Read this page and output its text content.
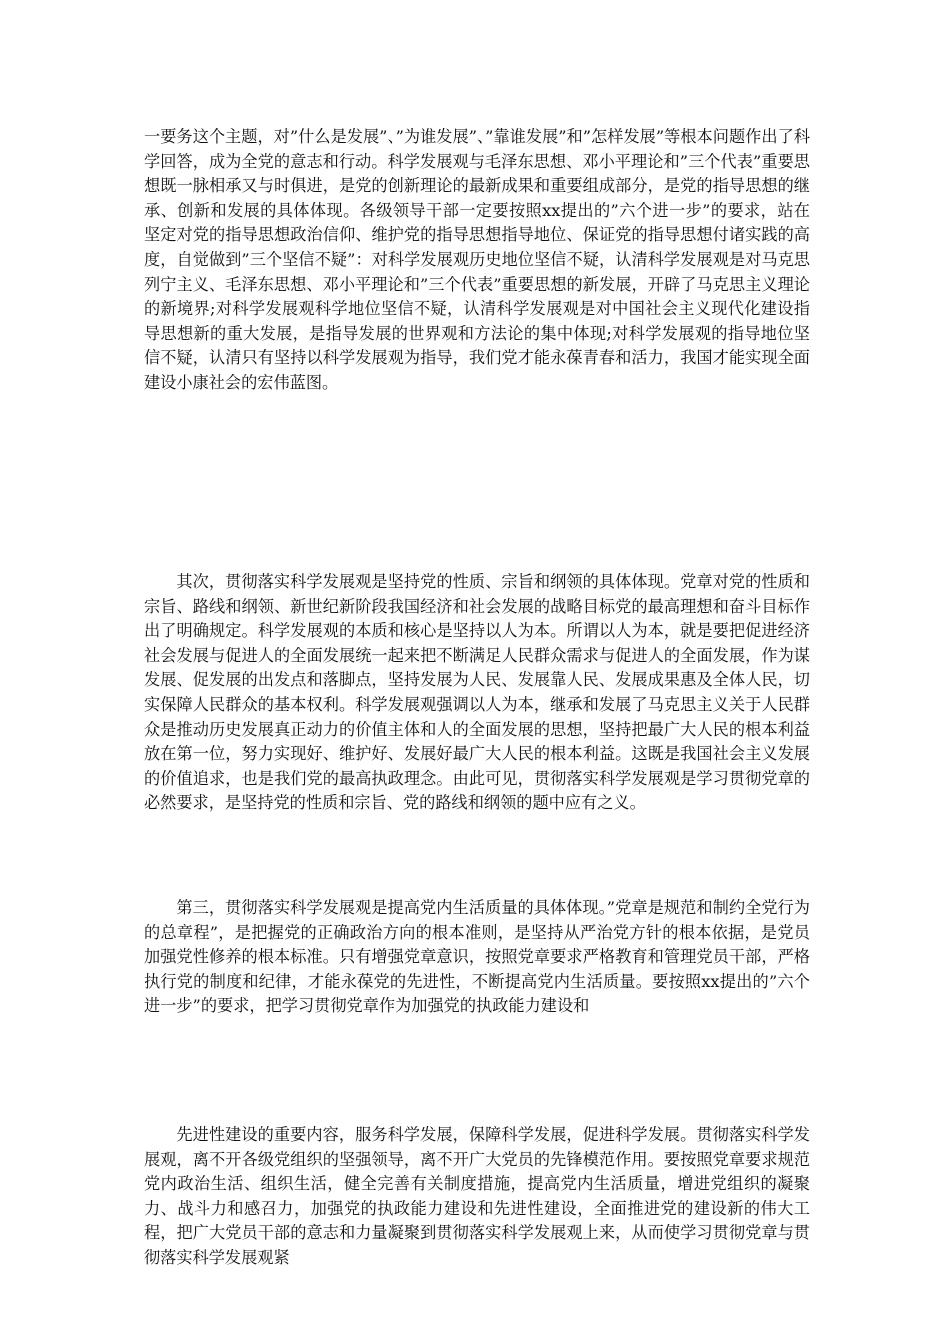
一要务这个主题，对”什么是发展”、”为谁发展”、”靠谁发展”和”怎样发展”等根本问题作出了科学回答，成为全党的意志和行动。科学发展观与毛泽东思想、邓小平理论和”三个代表”重要思想既一脉相承又与时俱进，是党的创新理论的最新成果和重要组成部分，是党的指导思想的继承、创新和发展的具体体现。各级领导干部一定要按照xx提出的”六个进一步”的要求，站在坚定对党的指导思想政治信仰、维护党的指导思想指导地位、保证党的指导思想付诸实践的高度，自觉做到”三个坚信不疑”：对科学发展观历史地位坚信不疑，认清科学发展观是对马克思列宁主义、毛泽东思想、邓小平理论和”三个代表”重要思想的新发展，开辟了马克思主义理论的新境界;对科学发展观科学地位坚信不疑，认清科学发展观是对中国社会主义现代化建设指导思想新的重大发展，是指导发展的世界观和方法论的集中体现;对科学发展观的指导地位坚信不疑，认清只有坚持以科学发展观为指导，我们党才能永葆青春和活力，我国才能实现全面建设小康社会的宏伟蓝图。

其次，贯彻落实科学发展观是坚持党的性质、宗旨和纲领的具体体现。党章对党的性质和宗旨、路线和纲领、新世纪新阶段我国经济和社会发展的战略目标党的最高理想和奋斗目标作出了明确规定。科学发展观的本质和核心是坚持以人为本。所谓以人为本，就是要把促进经济社会发展与促进人的全面发展统一起来把不断满足人民群众需求与促进人的全面发展，作为谋发展、促发展的出发点和落脚点，坚持发展为人民、发展靠人民、发展成果惠及全体人民，切实保障人民群众的基本权利。科学发展观强调以人为本，继承和发展了马克思主义关于人民群众是推动历史发展真正动力的价值主体和人的全面发展的思想，坚持把最广大人民的根本利益放在第一位，努力实现好、维护好、发展好最广大人民的根本利益。这既是我国社会主义发展的价值追求，也是我们党的最高执政理念。由此可见，贯彻落实科学发展观是学习贯彻党章的必然要求，是坚持党的性质和宗旨、党的路线和纲领的题中应有之义。

第三，贯彻落实科学发展观是提高党内生活质量的具体体现。”党章是规范和制约全党行为的总章程”，是把握党的正确政治方向的根本准则，是坚持从严治党方针的根本依据，是党员加强党性修养的根本标准。只有增强党章意识，按照党章要求严格教育和管理党员干部，严格执行党的制度和纪律，才能永葆党的先进性，不断提高党内生活质量。要按照xx提出的”六个进一步”的要求，把学习贯彻党章作为加强党的执政能力建设和

先进性建设的重要内容，服务科学发展，保障科学发展，促进科学发展。贯彻落实科学发展观，离不开各级党组织的坚强领导，离不开广大党员的先锋模范作用。要按照党章要求规范党内政治生活、组织生活，健全完善有关制度措施，提高党内生活质量，增进党组织的凝聚力、战斗力和感召力，加强党的执政能力建设和先进性建设，全面推进党的建设新的伟大工程，把广大党员干部的意志和力量凝聚到贯彻落实科学发展观上来，从而使学习贯彻党章与贯彻落实科学发展观紧
